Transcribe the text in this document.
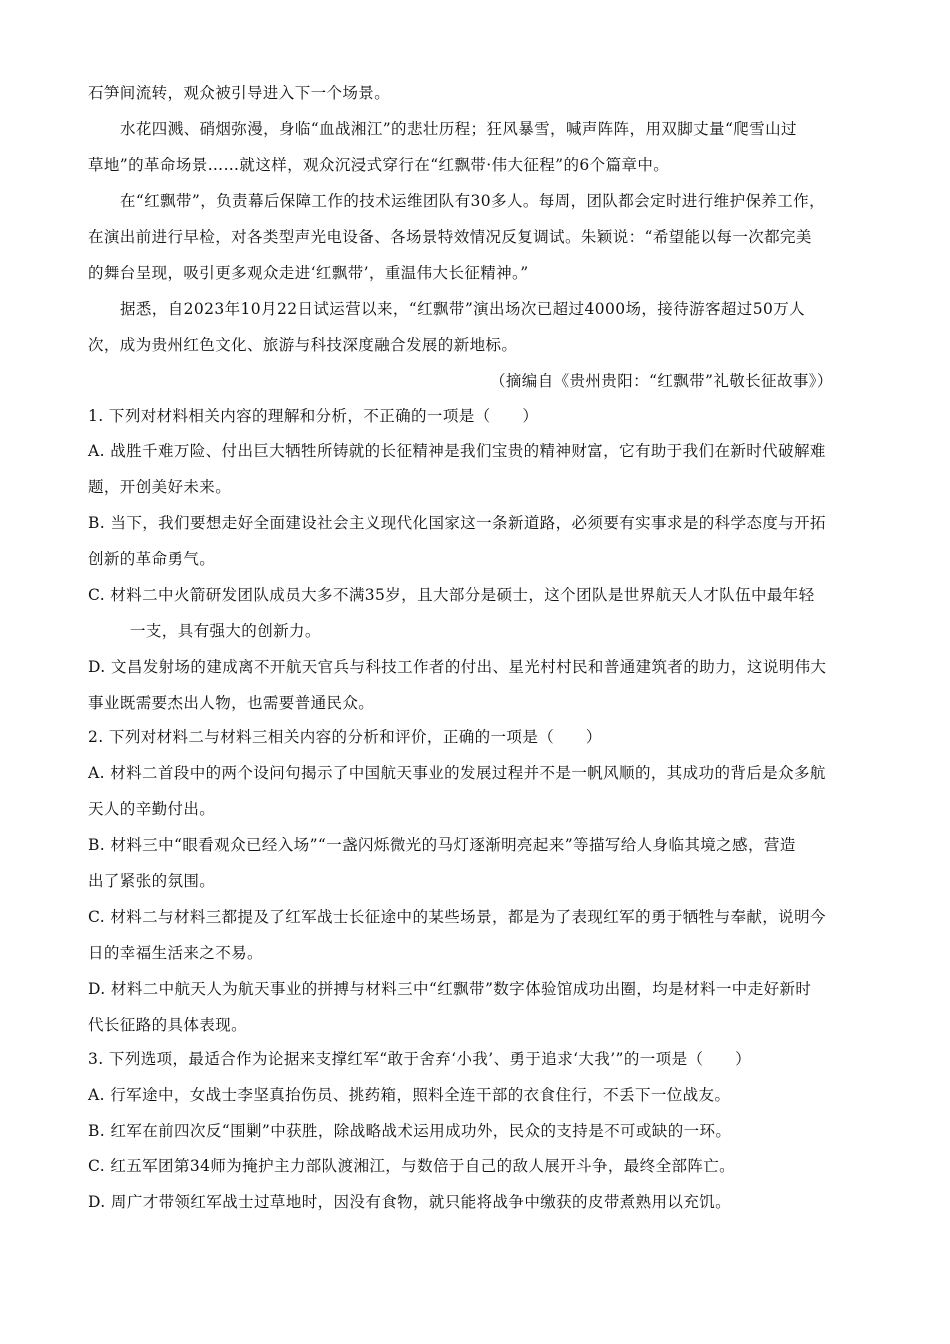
石笋间流转，观众被引导进入下一个场景。
水花四溅、硝烟弥漫，身临“血战湘江”的悲壮历程；狂风暴雪，喊声阵阵，用双脚丈量“爬雪山过
草地”的革命场景……就这样，观众沉浸式穿行在“红飘带·伟大征程”的6个篇章中。
在“红飘带”，负责幕后保障工作的技术运维团队有30多人。每周，团队都会定时进行维护保养工作，
在演出前进行早检，对各类型声光电设备、各场景特效情况反复调试。朱颖说：“希望能以每一次都完美
的舞台呈现，吸引更多观众走进‘红飘带’，重温伟大长征精神。”
据悉，自2023年10月22日试运营以来，“红飘带”演出场次已超过4000场，接待游客超过50万人
次，成为贵州红色文化、旅游与科技深度融合发展的新地标。
（摘编自《贵州贵阳：“红飘带”礼敬长征故事》）
1. 下列对材料相关内容的理解和分析，不正确的一项是（　　）
A. 战胜千难万险、付出巨大牺牲所铸就的长征精神是我们宝贵的精神财富，它有助于我们在新时代破解难
题，开创美好未来。
B. 当下，我们要想走好全面建设社会主义现代化国家这一条新道路，必须要有实事求是的科学态度与开拓
创新的革命勇气。
C. 材料二中火箭研发团队成员大多不满35岁，且大部分是硕士，这个团队是世界航天人才队伍中最年轻
一支，具有强大的创新力。
D. 文昌发射场的建成离不开航天官兵与科技工作者的付出、星光村村民和普通建筑者的助力，这说明伟大
事业既需要杰出人物，也需要普通民众。
2. 下列对材料二与材料三相关内容的分析和评价，正确的一项是（　　）
A. 材料二首段中的两个设问句揭示了中国航天事业的发展过程并不是一帆风顺的，其成功的背后是众多航
天人的辛勤付出。
B. 材料三中“眼看观众已经入场”“一盏闪烁微光的马灯逐渐明亮起来”等描写给人身临其境之感，营造
出了紧张的氛围。
C. 材料二与材料三都提及了红军战士长征途中的某些场景，都是为了表现红军的勇于牺牲与奉献，说明今
日的幸福生活来之不易。
D. 材料二中航天人为航天事业的拼搏与材料三中“红飘带”数字体验馆成功出圈，均是材料一中走好新时
代长征路的具体表现。
3. 下列选项，最适合作为论据来支撑红军“敢于舍弃‘小我’、勇于追求‘大我’”的一项是（　　）
A. 行军途中，女战士李坚真抬伤员、挑药箱，照料全连干部的衣食住行，不丢下一位战友。
B. 红军在前四次反“围剿”中获胜，除战略战术运用成功外，民众的支持是不可或缺的一环。
C. 红五军团第34师为掩护主力部队渡湘江，与数倍于自己的敌人展开斗争，最终全部阵亡。
D. 周广才带领红军战士过草地时，因没有食物，就只能将战争中缴获的皮带煮熟用以充饥。
